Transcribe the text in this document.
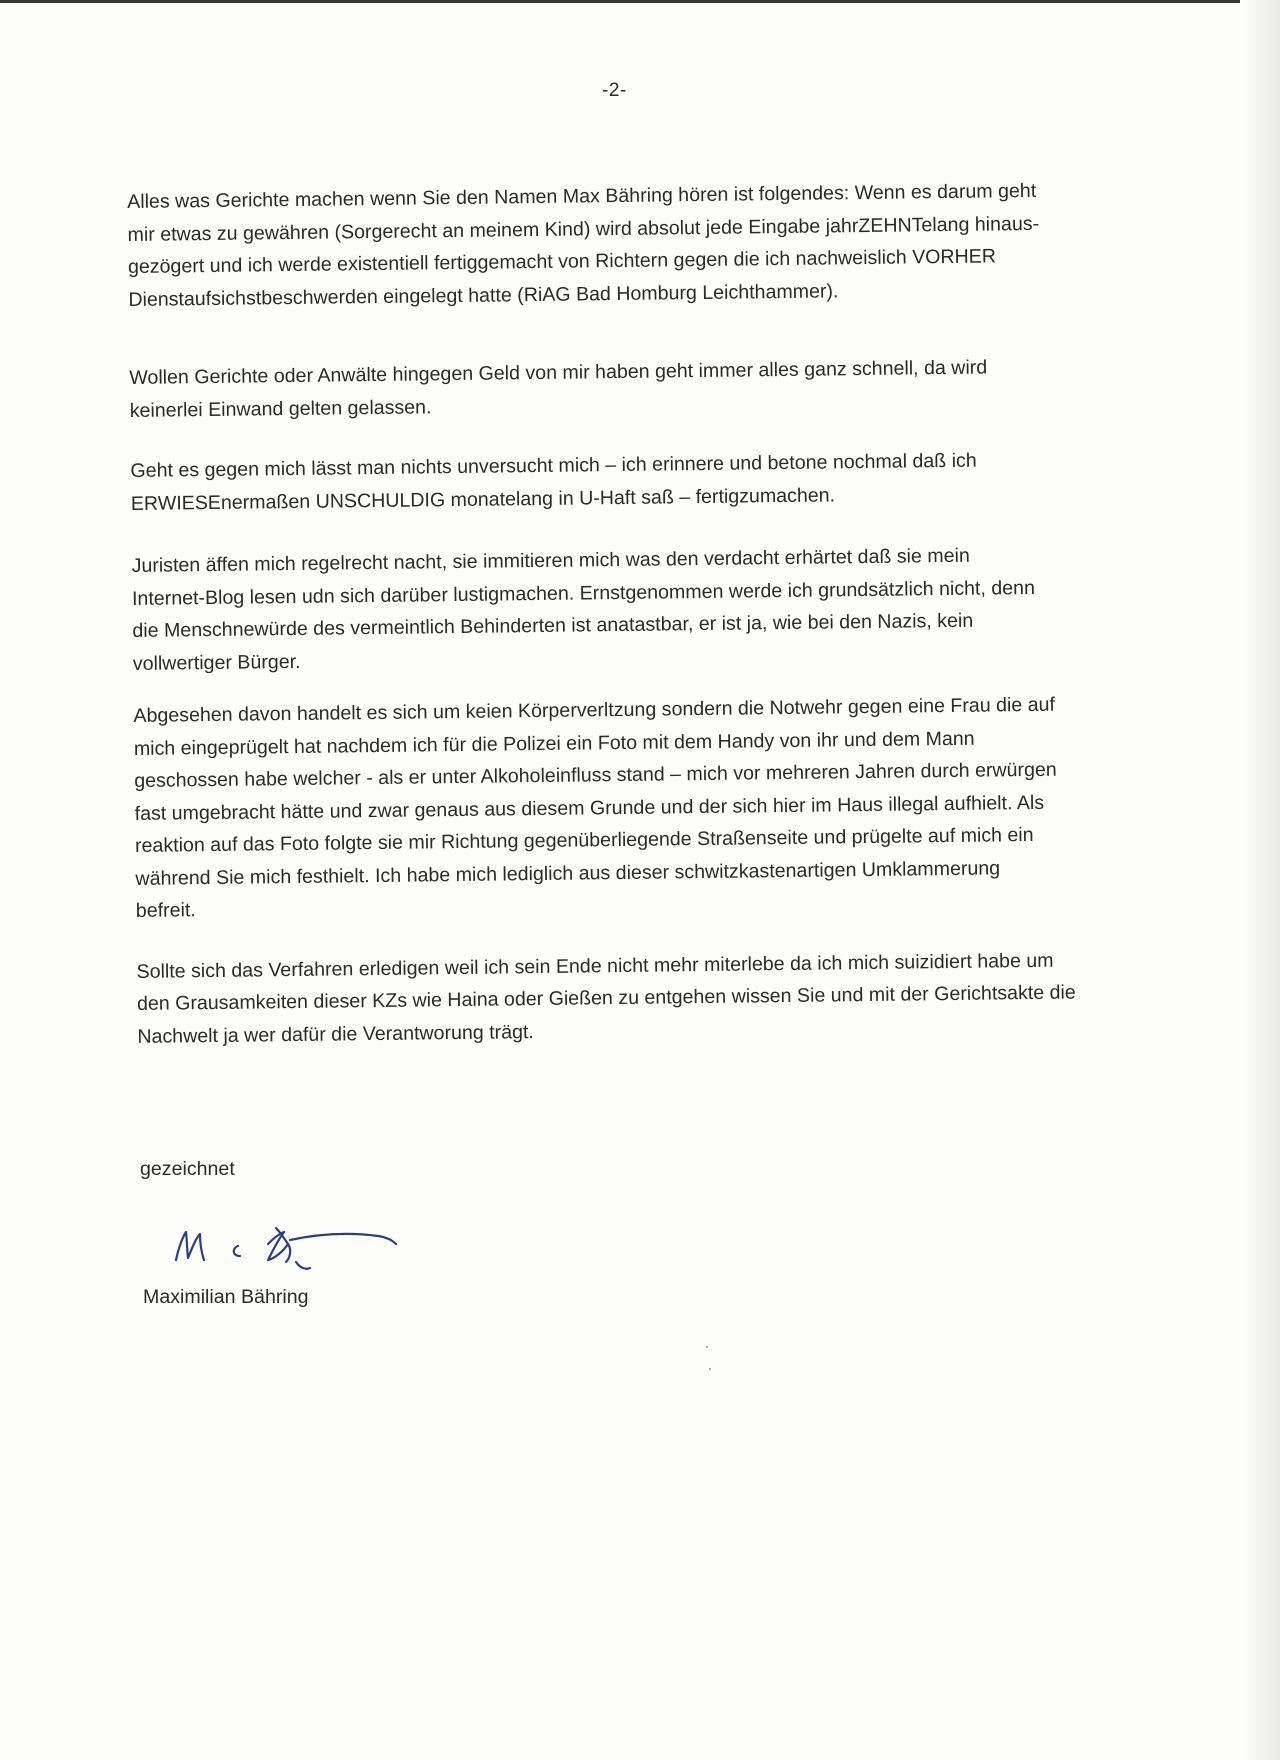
-2-

Alles was Gerichte machen wenn Sie den Namen Max Bähring hören ist folgendes: Wenn es darum geht
mir etwas zu gewähren (Sorgerecht an meinem Kind) wird absolut jede Eingabe jahrZEHNTelang hinaus-
gezögert und ich werde existentiell fertiggemacht von Richtern gegen die ich nachweislich VORHER
Dienstaufsichstbeschwerden eingelegt hatte (RiAG Bad Homburg Leichthammer).

Wollen Gerichte oder Anwälte hingegen Geld von mir haben geht immer alles ganz schnell, da wird
keinerlei Einwand gelten gelassen.

Geht es gegen mich lässt man nichts unversucht mich – ich erinnere und betone nochmal daß ich
ERWIESEnermaßen UNSCHULDIG monatelang in U-Haft saß – fertigzumachen.

Juristen äffen mich regelrecht nacht, sie immitieren mich was den verdacht erhärtet daß sie mein
Internet-Blog lesen udn sich darüber lustigmachen. Ernstgenommen werde ich grundsätzlich nicht, denn
die Menschnewürde des vermeintlich Behinderten ist anatastbar, er ist ja, wie bei den Nazis, kein
vollwertiger Bürger.

Abgesehen davon handelt es sich um keien Körperverltzung sondern die Notwehr gegen eine Frau die auf
mich eingeprügelt hat nachdem ich für die Polizei ein Foto mit dem Handy von ihr und dem Mann
geschossen habe welcher - als er unter Alkoholeinfluss stand – mich vor mehreren Jahren durch erwürgen
fast umgebracht hätte und zwar genaus aus diesem Grunde und der sich hier im Haus illegal aufhielt. Als
reaktion auf das Foto folgte sie mir Richtung gegenüberliegende Straßenseite und prügelte auf mich ein
während Sie mich festhielt. Ich habe mich lediglich aus dieser schwitzkastenartigen Umklammerung
befreit.

Sollte sich das Verfahren erledigen weil ich sein Ende nicht mehr miterlebe da ich mich suizidiert habe um
den Grausamkeiten dieser KZs wie Haina oder Gießen zu entgehen wissen Sie und mit der Gerichtsakte die
Nachwelt ja wer dafür die Verantworung trägt.

gezeichnet
Maximilian Bähring
